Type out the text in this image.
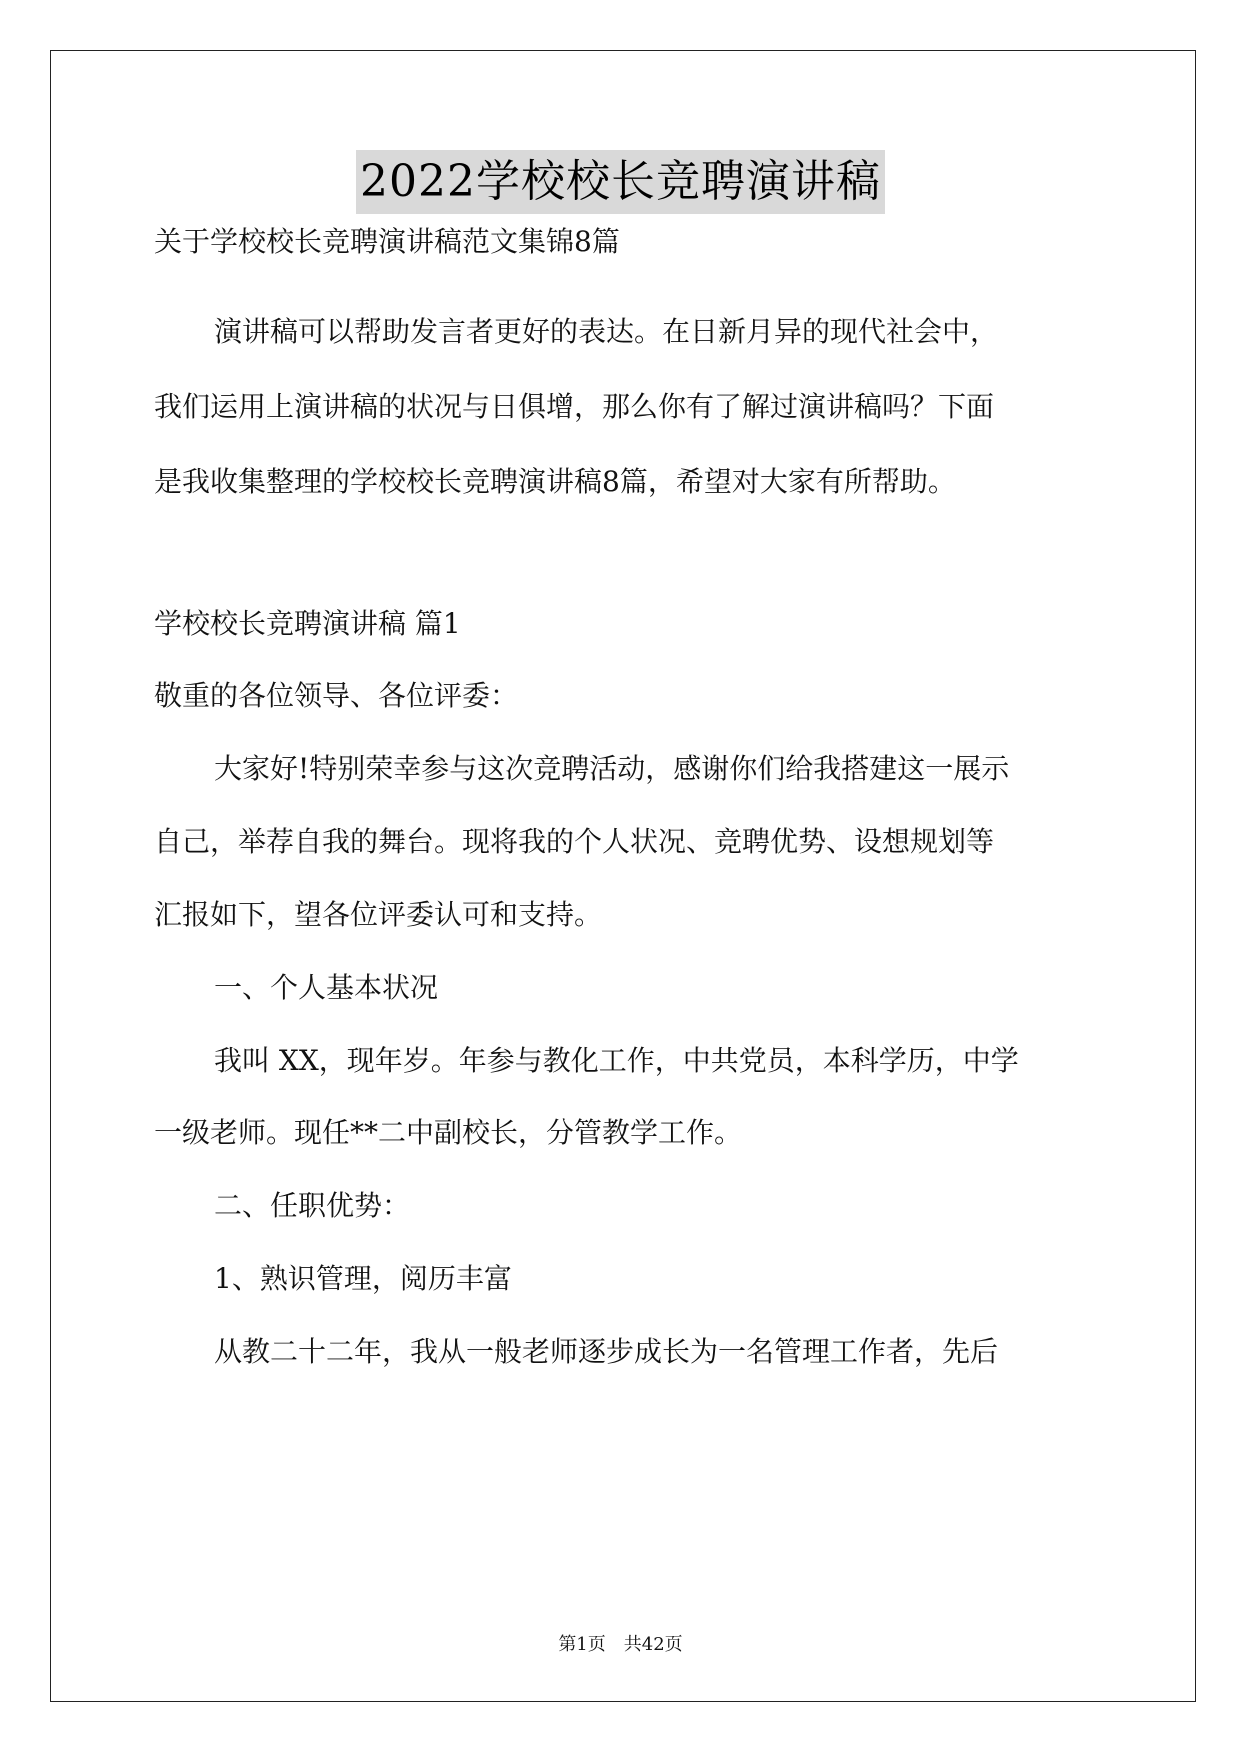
2022学校校长竞聘演讲稿
关于学校校长竞聘演讲稿范文集锦8篇
演讲稿可以帮助发言者更好的表达。在日新月异的现代社会中，
我们运用上演讲稿的状况与日俱增，那么你有了解过演讲稿吗？下面
是我收集整理的学校校长竞聘演讲稿8篇，希望对大家有所帮助。
学校校长竞聘演讲稿 篇1
敬重的各位领导、各位评委：
大家好!特别荣幸参与这次竞聘活动，感谢你们给我搭建这一展示
自己，举荐自我的舞台。现将我的个人状况、竞聘优势、设想规划等
汇报如下，望各位评委认可和支持。
一、个人基本状况
我叫 XX，现年岁。年参与教化工作，中共党员，本科学历，中学
一级老师。现任**二中副校长，分管教学工作。
二、任职优势：
1、熟识管理，阅历丰富
从教二十二年，我从一般老师逐步成长为一名管理工作者，先后
第1页 共42页
